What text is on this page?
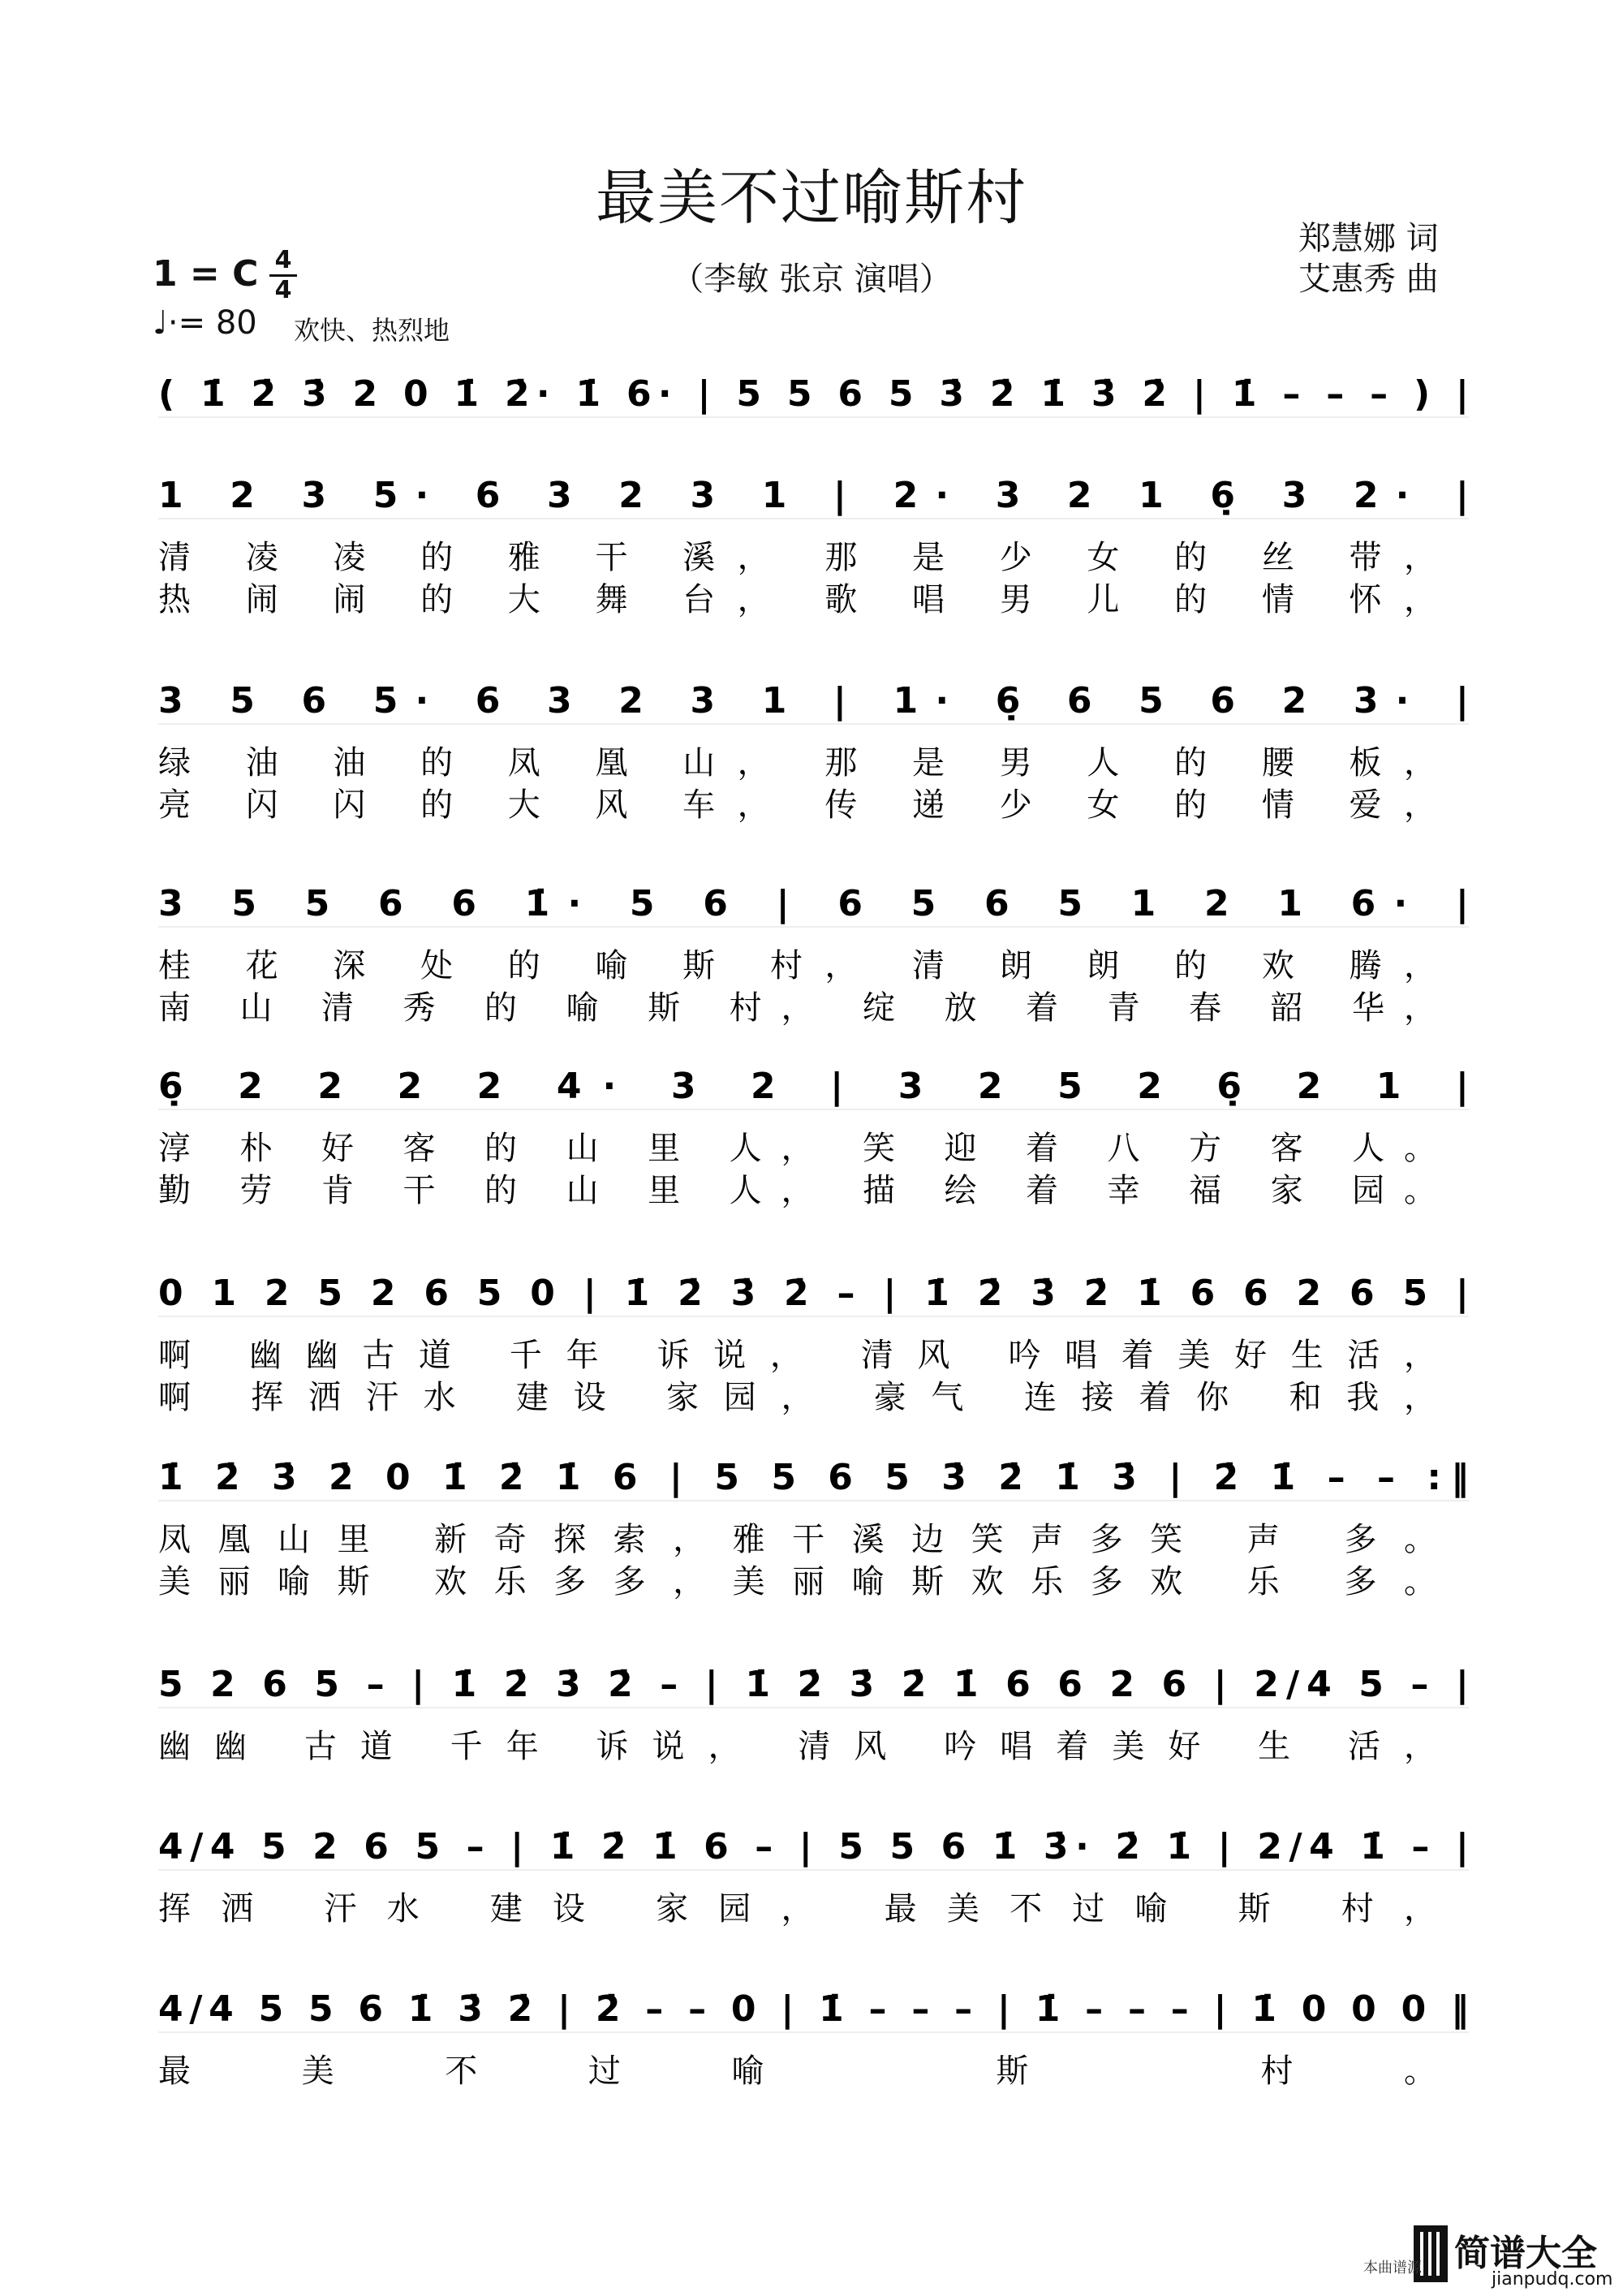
最美不过喻斯村
（李敏 张京 演唱）
郑慧娜 词
艾惠秀 曲
1 = C 4
4
♩·= 80 欢快、热烈地
( 1̇ 2̇ 3̇ 2 0 1̇ 2̇· 1̇ 6· | 5 5 6 5 3̇ 2̇ 1̇ 3̇ 2̇ | 1̇ – – – ) |
1 2 3 5· 6 3 2 3 1 | 2· 3 2 1 6̣ 3 2· |
清 凌 凌 的 雅 干 溪， 那 是 少 女 的 丝 带，
热 闹 闹 的 大 舞 台， 歌 唱 男 儿 的 情 怀，
3 5 6 5· 6 3 2 3 1 | 1· 6̣ 6 5 6 2 3· |
绿 油 油 的 凤 凰 山， 那 是 男 人 的 腰 板，
亮 闪 闪 的 大 风 车， 传 递 少 女 的 情 爱，
3 5 5 6 6 1̇· 5 6 | 6 5 6 5 1 2 1 6· |
桂 花 深 处 的 喻 斯 村， 清 朗 朗 的 欢 腾，
南 山 清 秀 的 喻 斯 村， 绽 放 着 青 春 韶 华，
6̣ 2 2 2 2 4· 3 2 | 3 2 5 2 6̣ 2 1 |
淳 朴 好 客 的 山 里 人， 笑 迎 着 八 方 客 人。
勤 劳 肯 干 的 山 里 人， 描 绘 着 幸 福 家 园。
0 1 2 5 2 6 5 0 | 1̇ 2̇ 3̇ 2̇ – | 1̇ 2̇ 3̇ 2̇ 1̇ 6 6 2 6 5 |
啊 幽幽古道 千年 诉说， 清风 吟唱着美好生活，
啊 挥洒汗水 建设 家园， 豪气 连接着你 和我，
1̇ 2̇ 3̇ 2̇ 0 1̇ 2̇ 1̇ 6 | 5 5 6 5 3̇ 2̇ 1̇ 3̇ | 2̇ 1̇ – – :‖
凤凰山里 新奇探索，雅干溪边笑声多笑 声 多。
美丽喻斯 欢乐多多，美丽喻斯欢乐多欢 乐 多。
5 2 6 5 – | 1̇ 2̇ 3̇ 2̇ – | 1̇ 2̇ 3̇ 2̇ 1̇ 6 6 2 6 | 2/4 5 – |
幽幽 古道 千年 诉说， 清风 吟唱着美好 生 活，
4/4 5 2 6 5 – | 1̇ 2̇ 1̇ 6 – | 5 5 6 1̇ 3̇· 2̇ 1̇ | 2/4 1̇ – |
挥洒 汗水 建设 家园， 最美不过喻 斯 村，
4/4 5 5 6 1̇ 3̇ 2̇ | 2̇ – – 0 | 1̇ – – – | 1̇ – – – | 1̇ 0 0 0 ‖
最美不过喻 斯 村。
本曲谱源 简谱大全
jianpudq.com
